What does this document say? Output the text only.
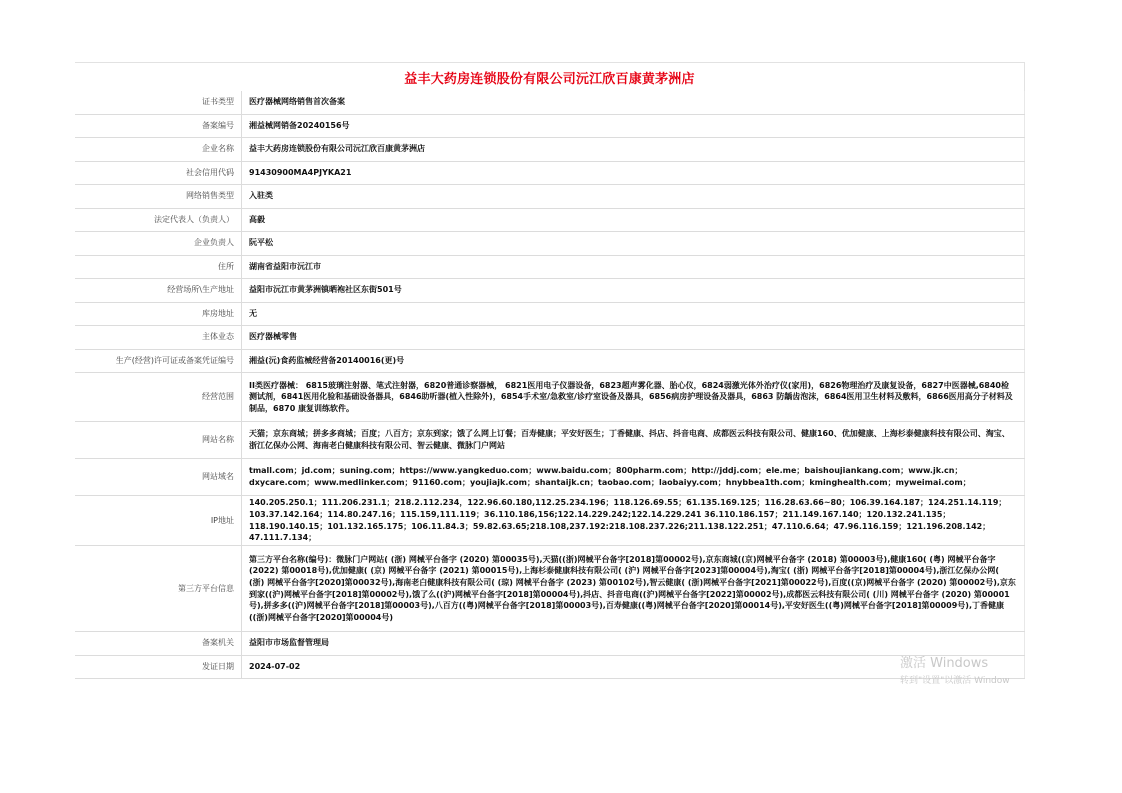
益丰大药房连锁股份有限公司沅江欣百康黄茅洲店
证书类型	医疗器械网络销售首次备案
备案编号	湘益械网销备20240156号
企业名称	益丰大药房连锁股份有限公司沅江欣百康黄茅洲店
社会信用代码	91430900MA4PJYKA21
网络销售类型	入驻类
法定代表人（负责人）	高毅
企业负责人	阮平松
住所	湖南省益阳市沅江市
经营场所\生产地址	益阳市沅江市黄茅洲镇晒袍社区东街501号
库房地址	无
主体业态	医疗器械零售
生产(经营)许可证或备案凭证编号	湘益(沅)食药监械经营备20140016(更)号
经营范围	II类医疗器械： 6815玻璃注射器、笔式注射器，6820普通诊察器械， 6821医用电子仪器设备，6823超声雾化器、胎心仪，6824弱激光体外治疗仪(家用)，6826物理治疗及康复设备，6827中医器械,6840检测试剂，6841医用化验和基础设备器具，6846助听器(植入性除外)，6854手术室/急救室/诊疗室设备及器具，6856病房护理设备及器具，6863 防龋齿泡沫，6864医用卫生材料及敷料，6866医用高分子材料及制品，6870 康复训练软件。
网站名称	天猫；京东商城；拼多多商城；百度；八百方；京东到家；饿了么网上订餐；百寿健康；平安好医生；丁香健康、抖店、抖音电商、成都医云科技有限公司、健康160、优加健康、上海杉泰健康科技有限公司、淘宝、浙江亿保办公网、海南老白健康科技有限公司、智云健康、微脉门户网站
网站域名	tmall.com；jd.com；suning.com；https://www.yangkeduo.com；www.baidu.com；800pharm.com；http://jddj.com；ele.me；baishoujiankang.com；www.jk.cn；dxycare.com；www.medlinker.com；91160.com；youjiajk.com；shantaijk.cn；taobao.com；laobaiyy.com；hnybbea1th.com；kminghealth.com；myweimai.com；
IP地址	140.205.250.1；111.206.231.1；218.2.112.234，122.96.60.180,112.25.234.196；118.126.69.55；61.135.169.125；116.28.63.66~80；106.39.164.187；124.251.14.119；103.37.142.164；114.80.247.16；115.159,111.119；36.110.186,156;122.14.229.242;122.14.229.241 36.110.186.157；211.149.167.140；120.132.241.135；118.190.140.15；101.132.165.175；106.11.84.3；59.82.63.65;218.108,237.192:218.108.237.226;211.138.122.251；47.110.6.64；47.96.116.159；121.196.208.142；47.111.7.134；
第三方平台信息	第三方平台名称(编号)：微脉门户网站( (浙) 网械平台备字 (2020) 第00035号),天猫((浙)网械平台备字[2018]第00002号),京东商城((京)网械平台备字 (2018) 第00003号),健康160( (粤) 网械平台备字 (2022) 第00018号),优加健康( (京) 网械平台备字 (2021) 第00015号),上海杉泰健康科技有限公司( (沪) 网械平台备字[2023]第00004号),淘宝( (浙) 网械平台备字[2018]第00004号),浙江亿保办公网( (浙) 网械平台备字[2020]第00032号),海南老白健康科技有限公司( (琼) 网械平台备字 (2023) 第00102号),智云健康( (浙)网械平台备字[2021]第00022号),百度((京)网械平台备字 (2020) 第00002号),京东到家((沪)网械平台备字[2018]第00002号),饿了么((沪)网械平台备字[2018]第00004号),抖店、抖音电商((沪)网械平台备字[2022]第00002号),成都医云科技有限公司( (川) 网械平台备字 (2020) 第00001号),拼多多((沪)网械平台备字[2018]第00003号),八百方((粤)网械平台备字[2018]第00003号),百寿健康((粤)网械平台备字[2020]第00014号),平安好医生((粤)网械平台备字[2018]第00009号),丁香健康((浙)网械平台备字[2020]第00004号)
备案机关	益阳市市场监督管理局
发证日期	2024-07-02	激活 Windows
转到"设置"以激活 Window
